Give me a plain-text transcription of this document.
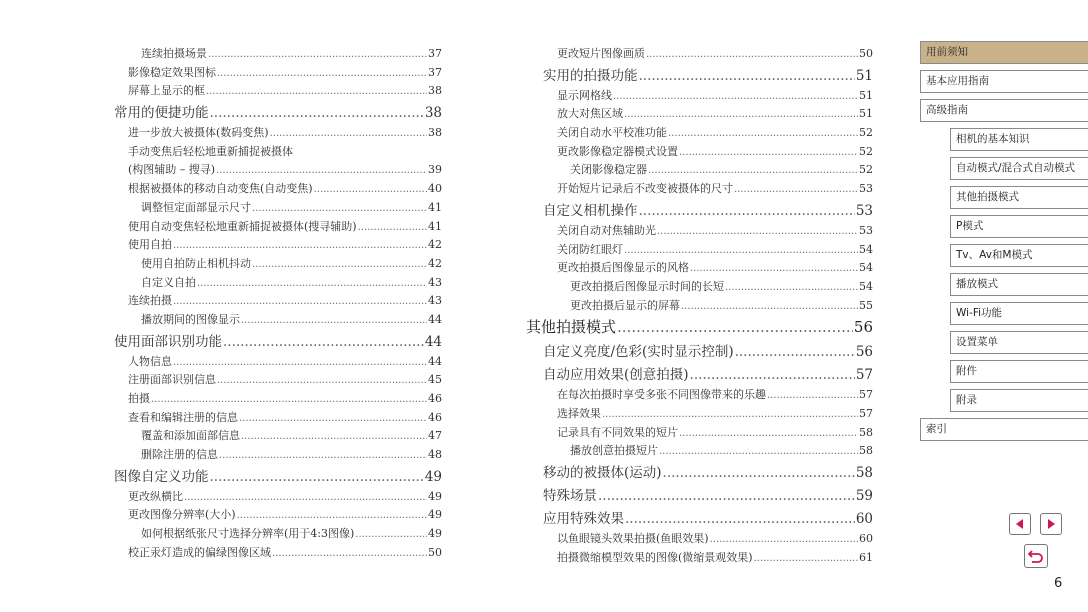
连续拍摄场景 .....	37
影像稳定效果图标 .....	37
屏幕上显示的框 .....	38
常用的便捷功能 .....	38
进一步放大被摄体(数码变焦) .....	38
手动变焦后轻松地重新捕捉被摄体
(构图辅助 – 搜寻) .....	39
根据被摄体的移动自动变焦(自动变焦) .....	40
调整恒定面部显示尺寸 .....	41
使用自动变焦轻松地重新捕捉被摄体(搜寻辅助) .....	41
使用自拍 .....	42
使用自拍防止相机抖动 .....	42
自定义自拍 .....	43
连续拍摄 .....	43
播放期间的图像显示 .....	44
使用面部识别功能 .....	44
人物信息 .....	44
注册面部识别信息 .....	45
拍摄 .....	46
查看和编辑注册的信息 .....	46
覆盖和添加面部信息 .....	47
删除注册的信息 .....	48
图像自定义功能 .....	49
更改纵横比 .....	49
更改图像分辨率(大小) .....	49
如何根据纸张尺寸选择分辨率(用于4:3图像) .....	49
校正汞灯造成的偏绿图像区域 .....	50
更改短片图像画质 .....	50
实用的拍摄功能 .....	51
显示网格线 .....	51
放大对焦区域 .....	51
关闭自动水平校准功能 .....	52
更改影像稳定器模式设置 .....	52
关闭影像稳定器 .....	52
开始短片记录后不改变被摄体的尺寸 .....	53
自定义相机操作 .....	53
关闭自动对焦辅助光 .....	53
关闭防红眼灯 .....	54
更改拍摄后图像显示的风格 .....	54
更改拍摄后图像显示时间的长短 .....	54
更改拍摄后显示的屏幕 .....	55
其他拍摄模式 .....	56
自定义亮度/色彩(实时显示控制) .....	56
自动应用效果(创意拍摄) .....	57
在每次拍摄时享受多张不同图像带来的乐趣 .....	57
选择效果 .....	57
记录具有不同效果的短片 .....	58
播放创意拍摄短片 .....	58
移动的被摄体(运动) .....	58
特殊场景 .....	59
应用特殊效果 .....	60
以鱼眼镜头效果拍摄(鱼眼效果) .....	60
拍摄微缩模型效果的图像(微缩景观效果) .....	61
用前须知
基本应用指南
高级指南
相机的基本知识
自动模式/混合式自动模式
其他拍摄模式
P模式
Tv、Av和M模式
播放模式
Wi-Fi功能
设置菜单
附件
附录
索引
6
